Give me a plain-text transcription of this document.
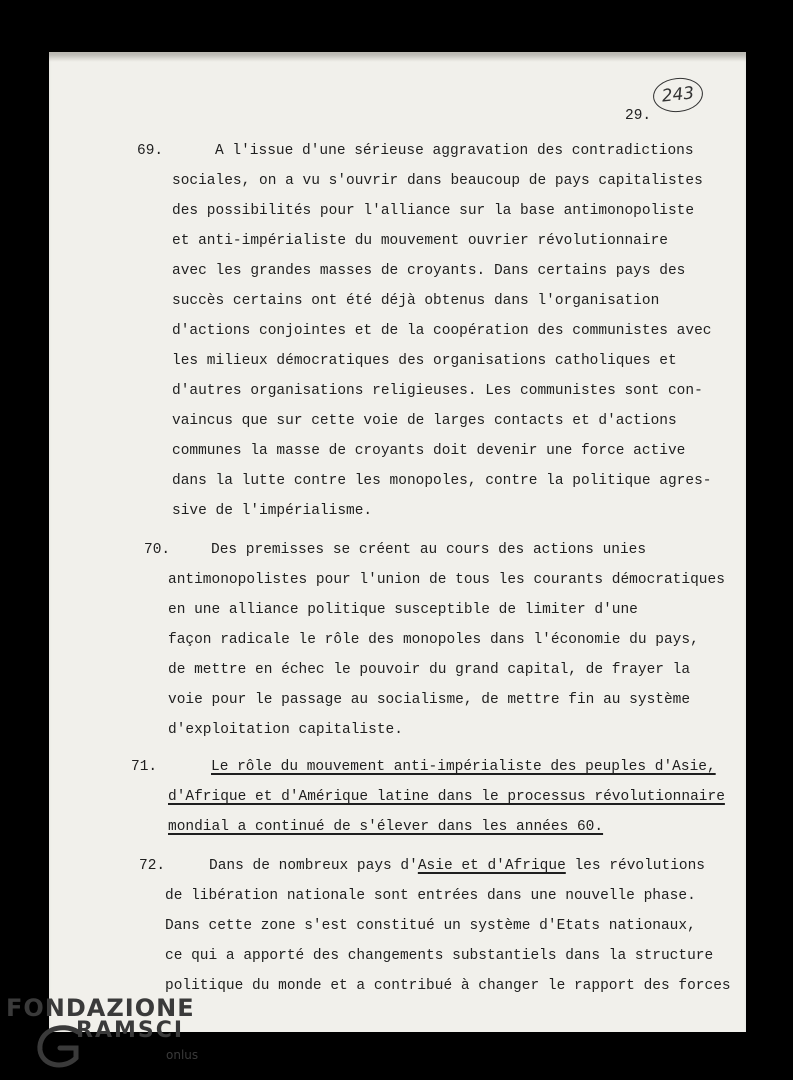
243
29.
69.	A l'issue d'une sérieuse aggravation des contradictions
sociales, on a vu s'ouvrir dans beaucoup de pays capitalistes
des possibilités pour l'alliance sur la base antimonopoliste
et anti-impérialiste du mouvement ouvrier révolutionnaire
avec les grandes masses de croyants. Dans certains pays des
succès certains ont été déjà obtenus dans l'organisation
d'actions conjointes et de la coopération des communistes avec
les milieux démocratiques des organisations catholiques et
d'autres organisations religieuses. Les communistes sont con-
vaincus que sur cette voie de larges contacts et d'actions
communes la masse de croyants doit devenir une force active
dans la lutte contre les monopoles, contre la politique agres-
sive de l'impérialisme.
70.	Des premisses se créent au cours des actions unies
antimonopolistes pour l'union de tous les courants démocratiques
en une alliance politique susceptible de limiter d'une
façon radicale le rôle des monopoles dans l'économie du pays,
de mettre en échec le pouvoir du grand capital, de frayer la
voie pour le passage au socialisme, de mettre fin au système
d'exploitation capitaliste.
71.	Le rôle du mouvement anti-impérialiste des peuples d'Asie,
d'Afrique et d'Amérique latine dans le processus révolutionnaire
mondial a continué de s'élever dans les années 60.
72.	Dans de nombreux pays d'Asie et d'Afrique les révolutions
de libération nationale sont entrées dans une nouvelle phase.
Dans cette zone s'est constitué un système d'Etats nationaux,
ce qui a apporté des changements substantiels dans la structure
politique du monde et a contribué à changer le rapport des forces
FONDAZIONE
RAMSCI
onlus
